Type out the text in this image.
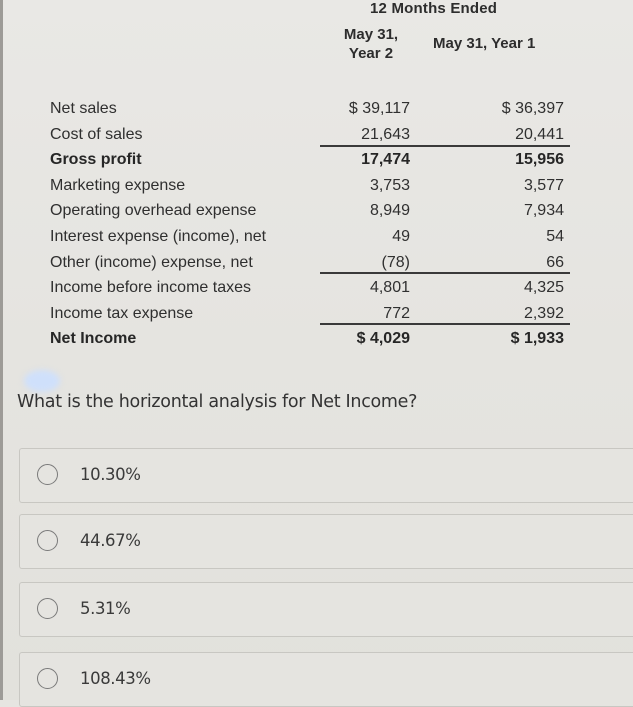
12 Months Ended
May 31,
Year 2
May 31, Year 1
Net sales
Cost of sales
Gross profit
Marketing expense
Operating overhead expense
Interest expense (income), net
Other (income) expense, net
Income before income taxes
Income tax expense
Net Income
$ 39,117
21,643
17,474
3,753
8,949
49
(78)
4,801
772
$ 4,029
$ 36,397
20,441
15,956
3,577
7,934
54
66
4,325
2,392
$ 1,933
What is the horizontal analysis for Net Income?
10.30%
44.67%
5.31%
108.43%
